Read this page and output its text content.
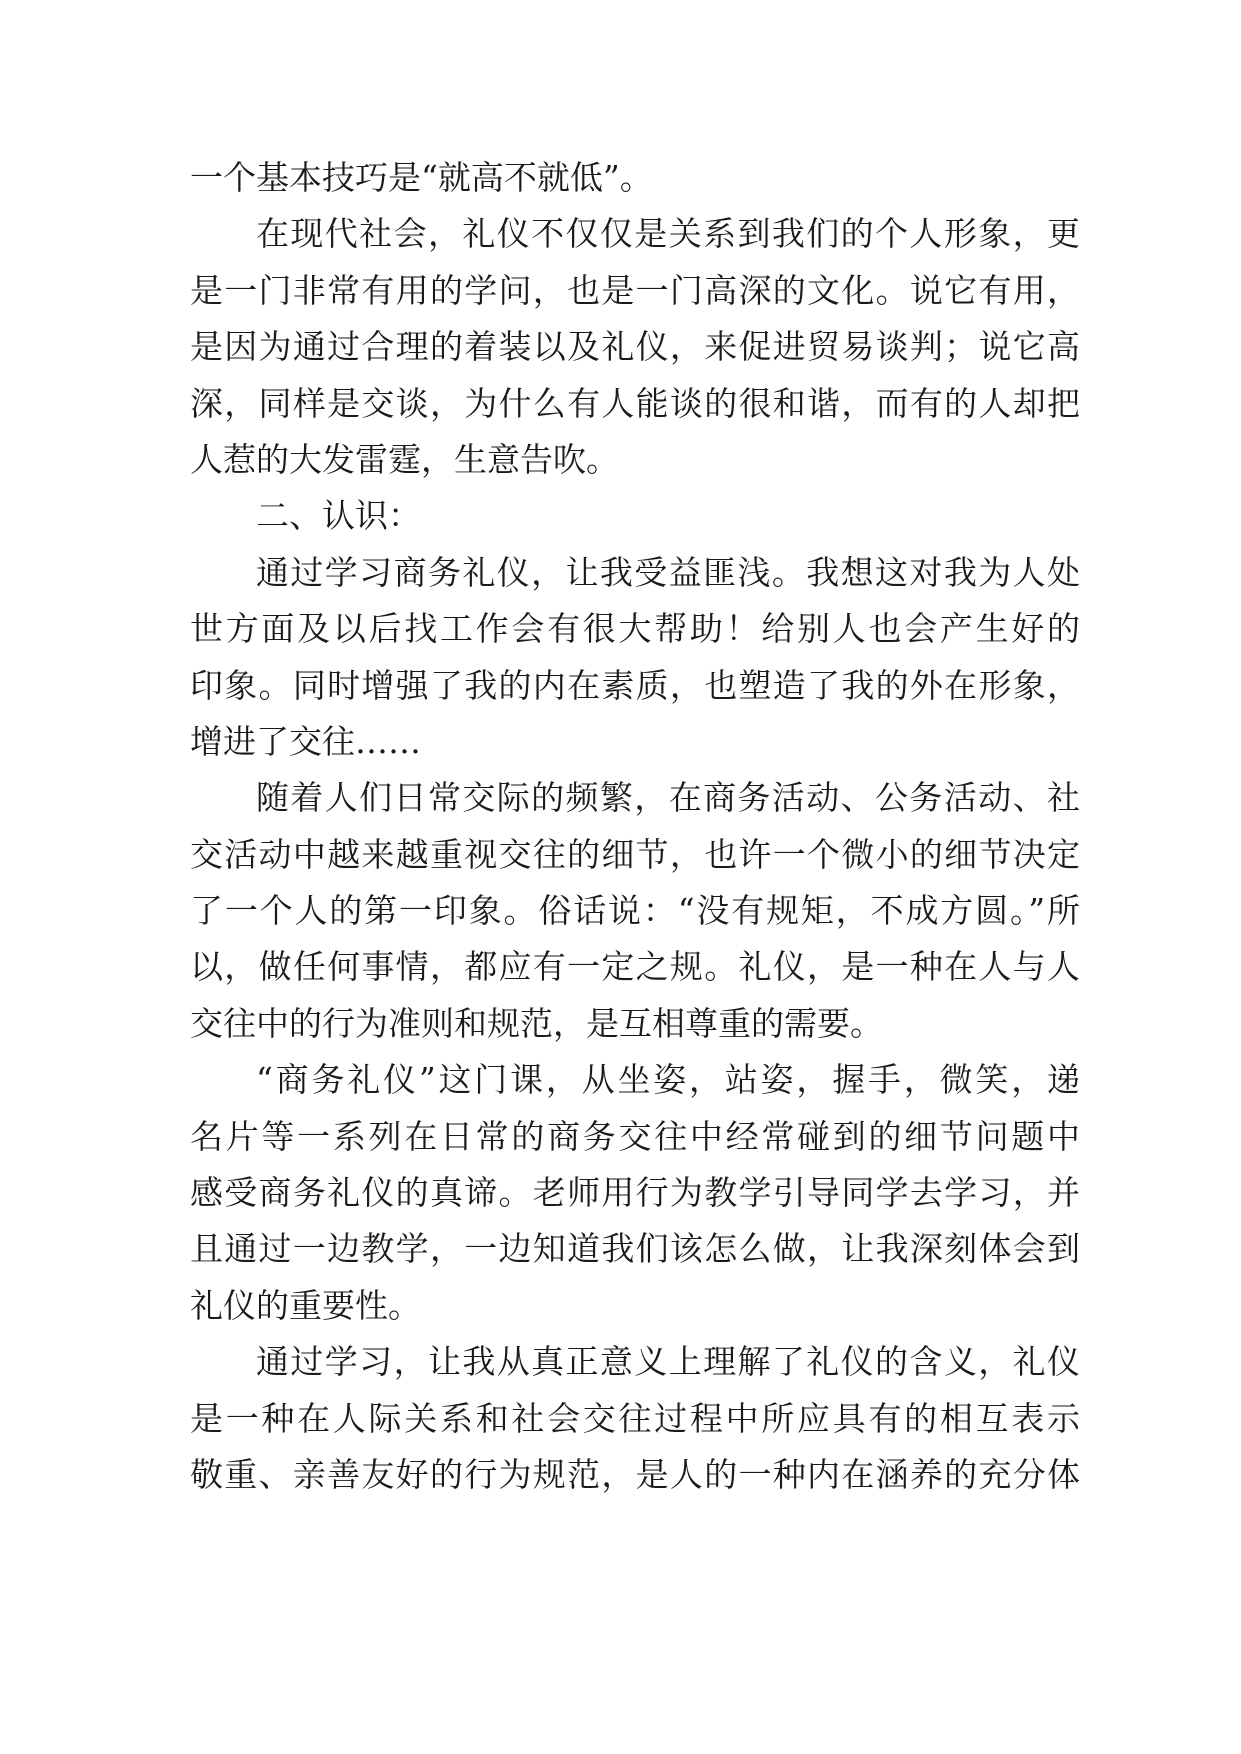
一个基本技巧是“就高不就低”。
在现代社会，礼仪不仅仅是关系到我们的个人形象，更
是一门非常有用的学问，也是一门高深的文化。说它有用，
是因为通过合理的着装以及礼仪，来促进贸易谈判；说它高
深，同样是交谈，为什么有人能谈的很和谐，而有的人却把
人惹的大发雷霆，生意告吹。
二、认识：
通过学习商务礼仪，让我受益匪浅。我想这对我为人处
世方面及以后找工作会有很大帮助！给别人也会产生好的
印象。同时增强了我的内在素质，也塑造了我的外在形象，
增进了交往……
随着人们日常交际的频繁，在商务活动、公务活动、社
交活动中越来越重视交往的细节，也许一个微小的细节决定
了一个人的第一印象。俗话说：“没有规矩，不成方圆。”所
以，做任何事情，都应有一定之规。礼仪，是一种在人与人
交往中的行为准则和规范，是互相尊重的需要。
“商务礼仪”这门课，从坐姿，站姿，握手，微笑，递
名片等一系列在日常的商务交往中经常碰到的细节问题中
感受商务礼仪的真谛。老师用行为教学引导同学去学习，并
且通过一边教学，一边知道我们该怎么做，让我深刻体会到
礼仪的重要性。
通过学习，让我从真正意义上理解了礼仪的含义，礼仪
是一种在人际关系和社会交往过程中所应具有的相互表示
敬重、亲善友好的行为规范，是人的一种内在涵养的充分体
